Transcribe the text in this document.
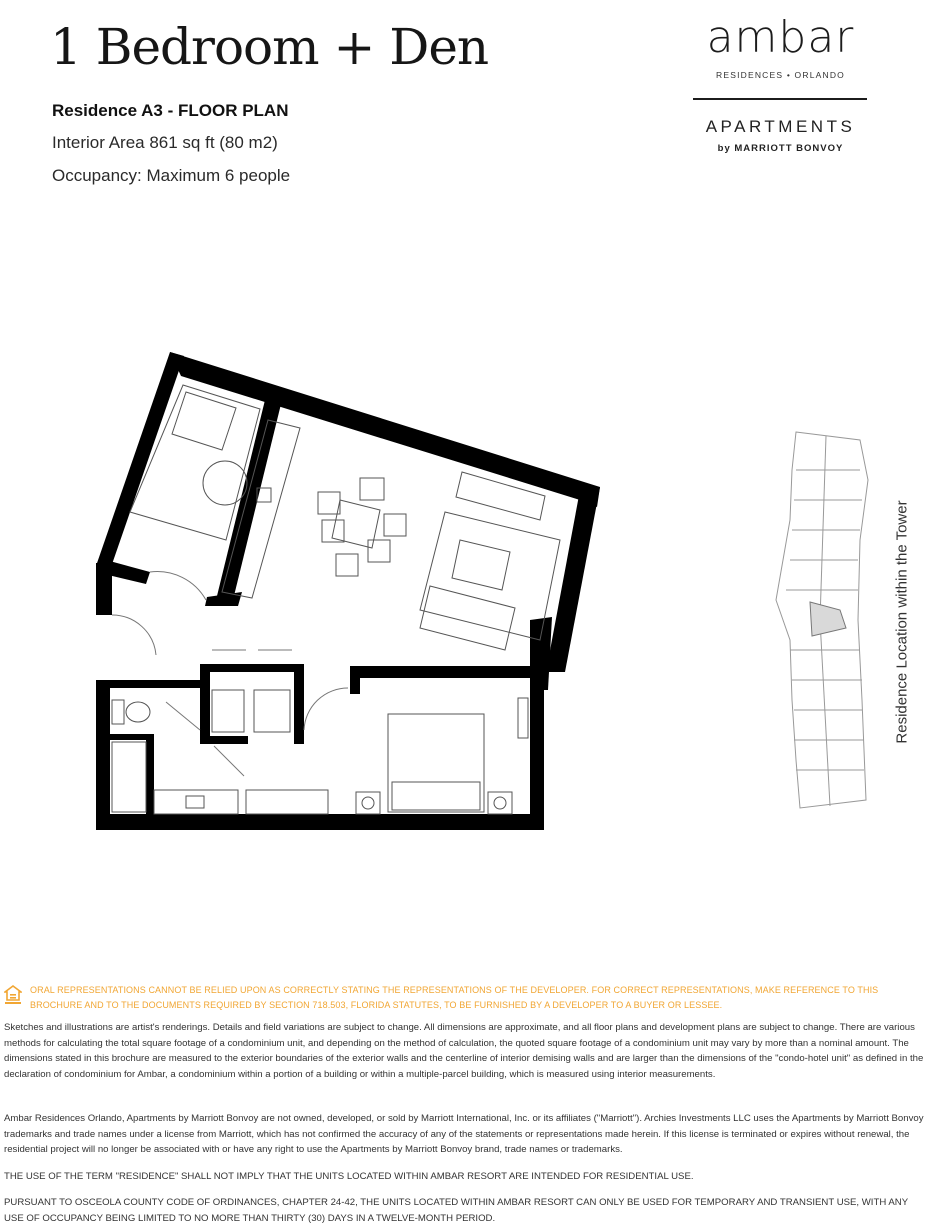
1 Bedroom + Den
Residence A3 - FLOOR PLAN
Interior Area 861 sq ft (80 m2)
Occupancy: Maximum 6 people
ambar
RESIDENCES • ORLANDO
APARTMENTS
by MARRIOTT BONVOY
Residence Location within the Tower
ORAL REPRESENTATIONS CANNOT BE RELIED UPON AS CORRECTLY STATING THE REPRESENTATIONS OF THE DEVELOPER. FOR CORRECT REPRESENTATIONS, MAKE REFERENCE TO THIS BROCHURE AND TO THE DOCUMENTS REQUIRED BY SECTION 718.503, FLORIDA STATUTES, TO BE FURNISHED BY A DEVELOPER TO A BUYER OR LESSEE.
Sketches and illustrations are artist's renderings. Details and field variations are subject to change. All dimensions are approximate, and all floor plans and development plans are subject to change. There are various methods for calculating the total square footage of a condominium unit, and depending on the method of calculation, the quoted square footage of a condominium unit may vary by more than a nominal amount. The dimensions stated in this brochure are measured to the exterior boundaries of the exterior walls and the centerline of interior demising walls and are larger than the dimensions of the "condo-hotel unit" as defined in the declaration of condominium for Ambar, a condominium within a portion of a building or within a multiple-parcel building, which is measured using interior measurements.
Ambar Residences Orlando, Apartments by Marriott Bonvoy are not owned, developed, or sold by Marriott International, Inc. or its affiliates ("Marriott"). Archies Investments LLC uses the Apartments by Marriott Bonvoy trademarks and trade names under a license from Marriott, which has not confirmed the accuracy of any of the statements or representations made herein. If this license is terminated or expires without renewal, the residential project will no longer be associated with or have any right to use the Apartments by Marriott Bonvoy brand, trade names or trademarks.
THE USE OF THE TERM "RESIDENCE" SHALL NOT IMPLY THAT THE UNITS LOCATED WITHIN AMBAR RESORT ARE INTENDED FOR RESIDENTIAL USE.
PURSUANT TO OSCEOLA COUNTY CODE OF ORDINANCES, CHAPTER 24-42, THE UNITS LOCATED WITHIN AMBAR RESORT CAN ONLY BE USED FOR TEMPORARY AND TRANSIENT USE, WITH ANY USE OF OCCUPANCY BEING LIMITED TO NO MORE THAN THIRTY (30) DAYS IN A TWELVE-MONTH PERIOD.
